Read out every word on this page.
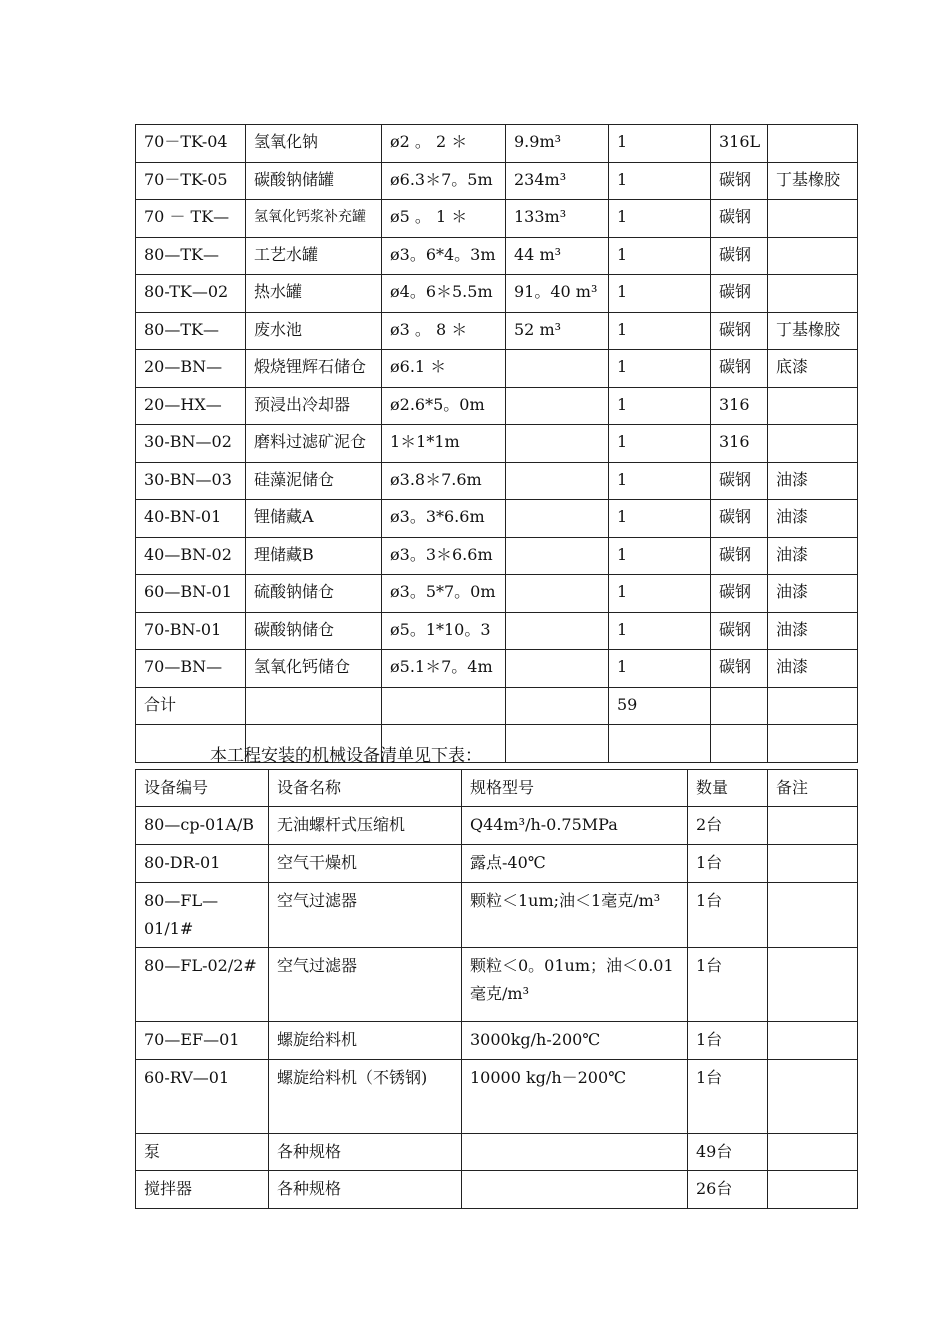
70－TK-04	氢氧化钠	ø2 。 2 ＊	9.9m³	1	316L	

70－TK-05	碳酸钠储罐	ø6.3＊7。5m	234m³	1	碳钢	丁基橡胶

70 － TK—	氢氧化钙浆补充罐	ø5 。 1 ＊	133m³	1	碳钢	

80—TK—	工艺水罐	ø3。6*4。3m	44 m³	1	碳钢	

80-TK—02	热水罐	ø4。6＊5.5m	91。40 m³	1	碳钢	

80—TK—	废水池	ø3 。 8 ＊	52 m³	1	碳钢	丁基橡胶

20—BN—	煅烧锂辉石储仓	ø6.1 ＊		1	碳钢	底漆

20—HX—	预浸出冷却器	ø2.6*5。0m		1	316	

30-BN—02	磨料过滤矿泥仓	1＊1*1m		1	316	

30-BN—03	硅藻泥储仓	ø3.8＊7.6m		1	碳钢	油漆

40-BN-01	锂储藏A	ø3。3*6.6m		1	碳钢	油漆

40—BN-02	理储藏B	ø3。3＊6.6m		1	碳钢	油漆

60—BN-01	硫酸钠储仓	ø3。5*7。0m		1	碳钢	油漆

70-BN-01	碳酸钠储仓	ø5。1*10。3		1	碳钢	油漆

70—BN—	氢氧化钙储仓	ø5.1＊7。4m		1	碳钢	油漆

合计				59		

本工程安装的机械设备清单见下表：
设备编号	设备名称	规格型号	数量	备注
80—cp-01A/B	无油螺杆式压缩机	Q44m³/h-0.75MPa	2台	
80-DR-01	空气干燥机	露点-40℃	1台	
80—FL—01/1#	空气过滤器	颗粒＜1um;油＜1毫克/m³	1台	
80—FL-02/2#	空气过滤器	颗粒＜0。01um；油＜0.01毫克/m³	1台	
70—EF—01	螺旋给料机	3000kg/h-200℃	1台	
60-RV—01	螺旋给料机（不锈钢)	10000 kg/h－200℃	1台	
泵	各种规格		49台	
搅拌器	各种规格		26台	
